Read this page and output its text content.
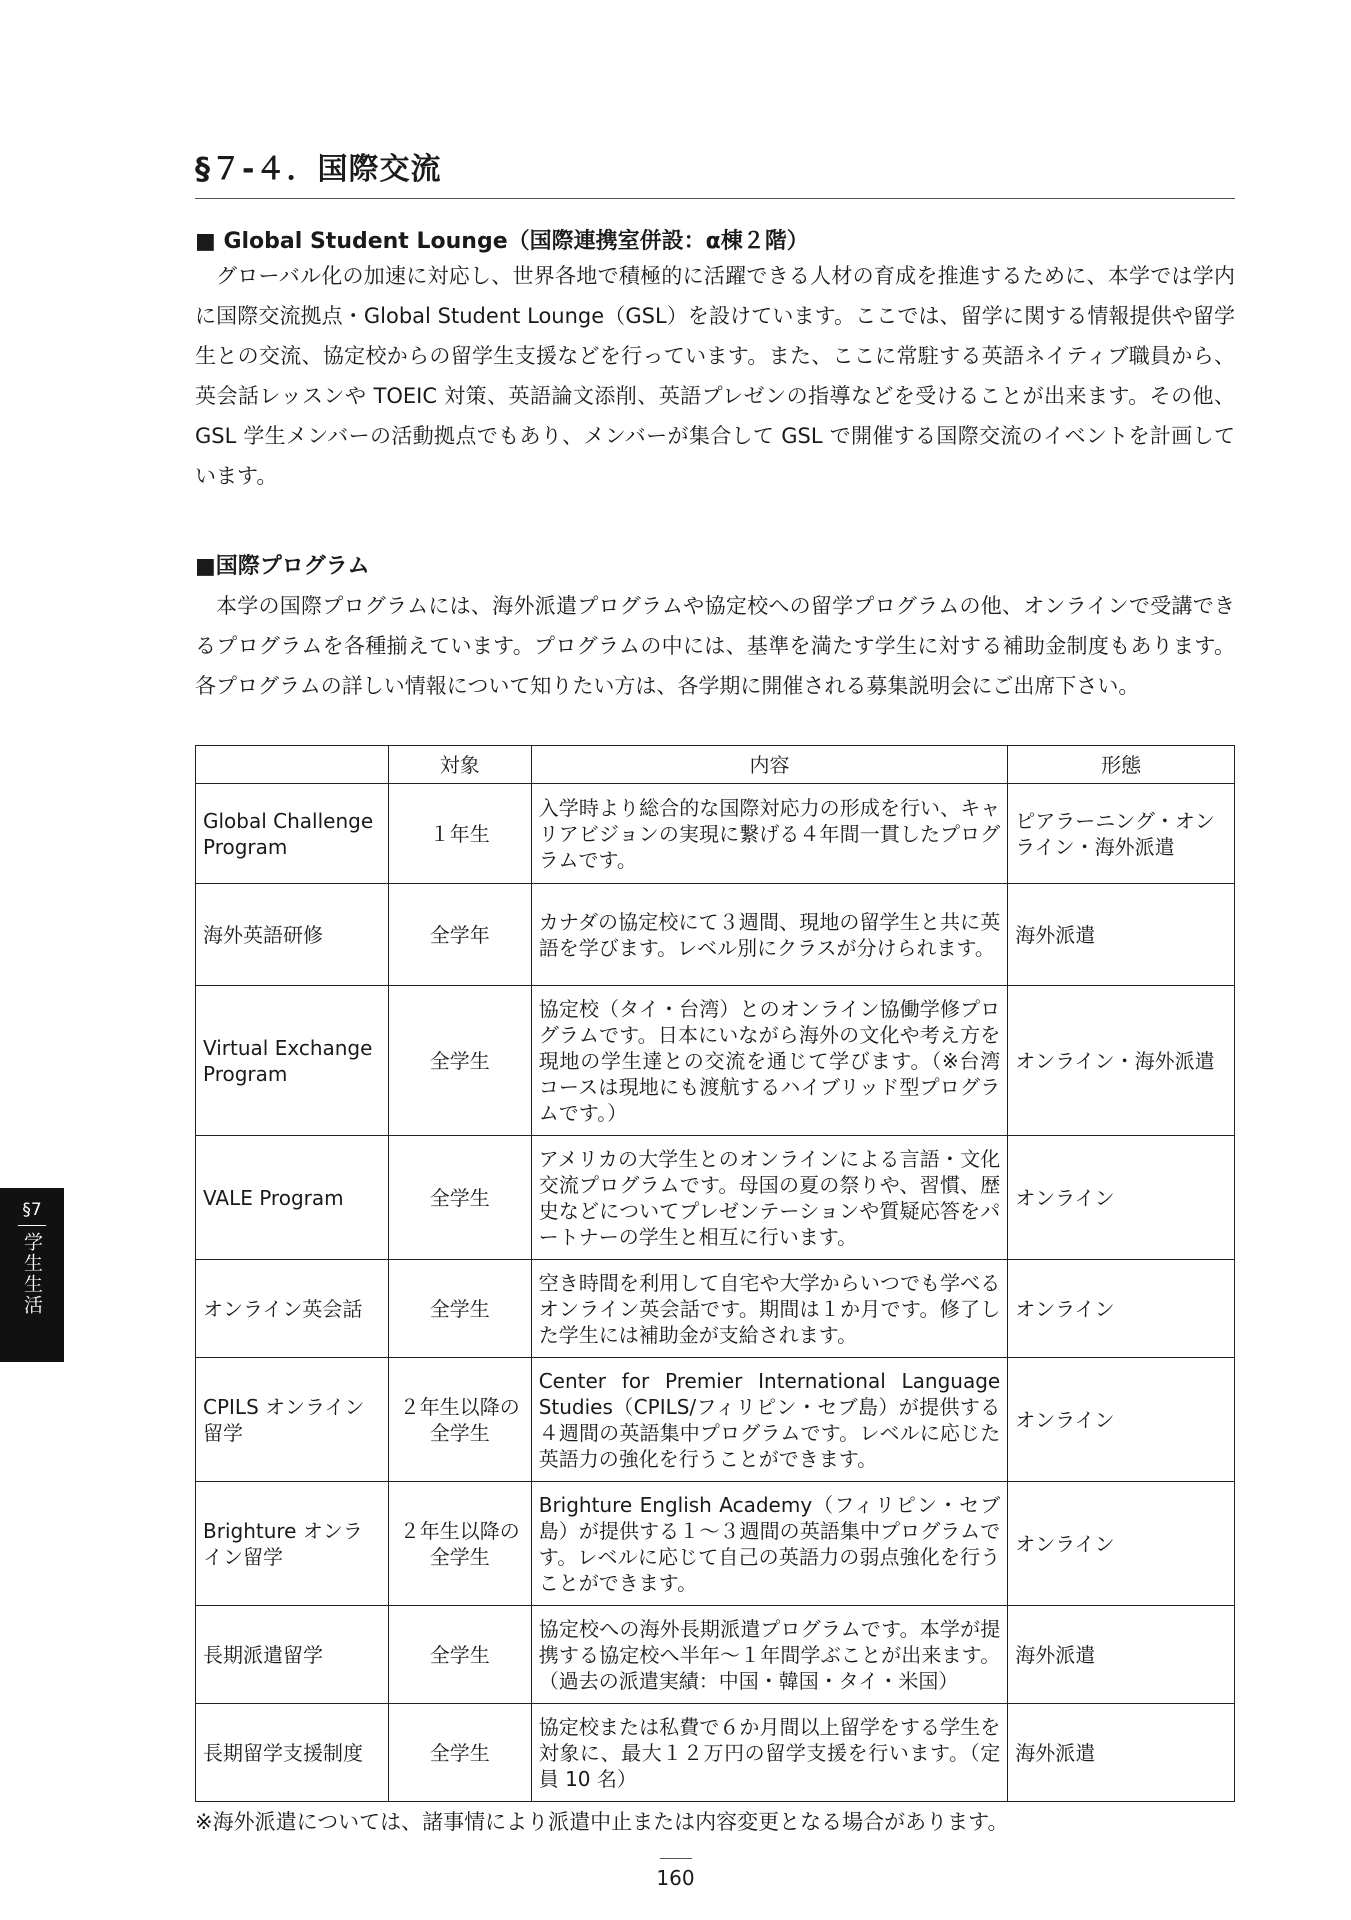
§７-４．国際交流
■ Global Student Lounge（国際連携室併設：α棟２階）

グローバル化の加速に対応し、世界各地で積極的に活躍できる人材の育成を推進するために、本学では学内に国際交流拠点・Global Student Lounge（GSL）を設けています。ここでは、留学に関する情報提供や留学生との交流、協定校からの留学生支援などを行っています。また、ここに常駐する英語ネイティブ職員から、英会話レッスンや TOEIC 対策、英語論文添削、英語プレゼンの指導などを受けることが出来ます。その他、GSL 学生メンバーの活動拠点でもあり、メンバーが集合して GSL で開催する国際交流のイベントを計画しています。

■国際プログラム

本学の国際プログラムには、海外派遣プログラムや協定校への留学プログラムの他、オンラインで受講できるプログラムを各種揃えています。プログラムの中には、基準を満たす学生に対する補助金制度もあります。各プログラムの詳しい情報について知りたい方は、各学期に開催される募集説明会にご出席下さい。

	対象	内容	形態
Global Challenge Program	１年生	入学時より総合的な国際対応力の形成を行い、キャリアビジョンの実現に繋げる４年間一貫したプログラムです。	ピアラーニング・オンライン・海外派遣
海外英語研修	全学年	カナダの協定校にて３週間、現地の留学生と共に英語を学びます。レベル別にクラスが分けられます。	海外派遣
Virtual Exchange Program	全学生	協定校（タイ・台湾）とのオンライン協働学修プログラムです。日本にいながら海外の文化や考え方を現地の学生達との交流を通じて学びます。（※台湾コースは現地にも渡航するハイブリッド型プログラムです。）	オンライン・海外派遣
VALE Program	全学生	アメリカの大学生とのオンラインによる言語・文化交流プログラムです。母国の夏の祭りや、習慣、歴史などについてプレゼンテーションや質疑応答をパートナーの学生と相互に行います。	オンライン
オンライン英会話	全学生	空き時間を利用して自宅や大学からいつでも学べるオンライン英会話です。期間は１か月です。修了した学生には補助金が支給されます。	オンライン
CPILS オンライン留学	２年生以降の全学生	Center for Premier International Language Studies（CPILS/フィリピン・セブ島）が提供する４週間の英語集中プログラムです。レベルに応じた英語力の強化を行うことができます。	オンライン
Brighture オンライン留学	２年生以降の全学生	Brighture English Academy（フィリピン・セブ島）が提供する１～３週間の英語集中プログラムです。レベルに応じて自己の英語力の弱点強化を行うことができます。	オンライン
長期派遣留学	全学生	協定校への海外長期派遣プログラムです。本学が提携する協定校へ半年～１年間学ぶことが出来ます。（過去の派遣実績：中国・韓国・タイ・米国）	海外派遣
長期留学支援制度	全学生	協定校または私費で６か月間以上留学をする学生を対象に、最大１２万円の留学支援を行います。（定員 10 名）	海外派遣
※海外派遣については、諸事情により派遣中止または内容変更となる場合があります。
160
§7
学生生活
